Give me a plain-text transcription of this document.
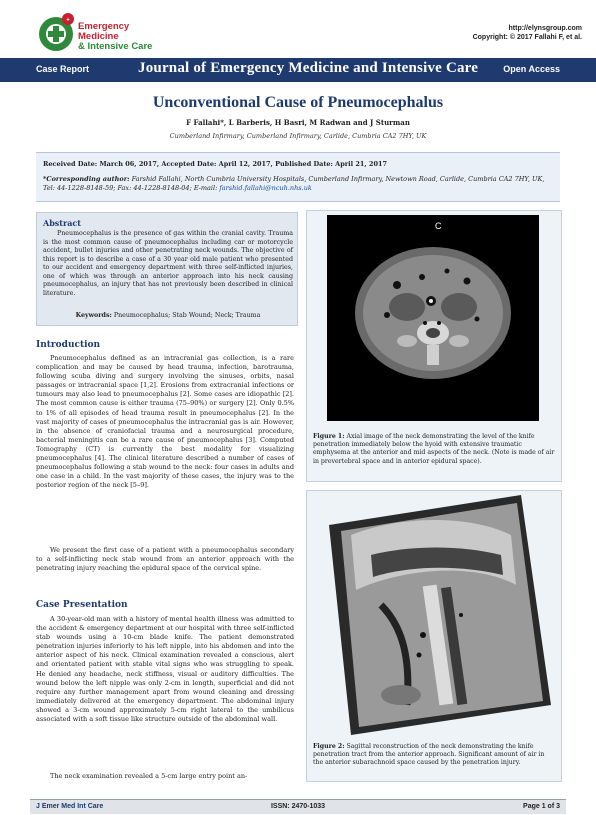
+
Emergency Medicine
& Intensive Care
http://elynsgroup.com
Copyright: © 2017 Fallahi F, et al.
Case Report	Journal of Emergency Medicine and Intensive Care	Open Access
Unconventional Cause of Pneumocephalus
F Fallahi*, L Barberis, H Basri, M Radwan and J Sturman
Cumberland Infirmary, Cumberland Infirmary, Carlide, Cumbria CA2 7HY, UK
Received Date: March 06, 2017, Accepted Date: April 12, 2017, Published Date: April 21, 2017
*Corresponding author: Farshid Fallahi, North Cumbria University Hospitals, Cumberland Infirmary, Newtown Road, Carlide, Cumbria CA2 7HY, UK, Tel: 44-1228-8148-59; Fax: 44-1228-8148-04; E-mail: farshid.fallahi@ncuh.nhs.uk
Abstract
Pneumocephalus is the presence of gas within the cranial cavity. Trauma is the most common cause of pneumocephalus including car or motorcycle accident, bullet injuries and other penetrating neck wounds. The objective of this report is to describe a case of a 30 year old male patient who presented to our accident and emergency department with three self-inflicted injuries, one of which was through an anterior approach into his neck causing pneumocephalus, an injury that has not previously been described in clinical literature.
Keywords: Pneumocephalus; Stab Wound; Neck; Trauma
Introduction
Pneumocephalus defined as an intracranial gas collection, is a rare complication and may be caused by head trauma, infection, barotrauma, following scuba diving and surgery involving the sinuses, orbits, nasal passages or intracranial space [1,2]. Erosions from extracranial infections or tumours may also lead to pneumocephalus [2]. Some cases are idiopathic [2]. The most common cause is either trauma (75–90%) or surgery [2]. Only 0.5% to 1% of all episodes of head trauma result in pneumocephalus [2]. In the vast majority of cases of pneumocephalus the intracranial gas is air. However, in the absence of craniofacial trauma and a neurosurgical procedure, bacterial meningitis can be a rare cause of pneumocephalus [3]. Computed Tomography (CT) is currently the best modality for visualizing pneumocephalus [4]. The clinical literature described a number of cases of pneumocephalus following a stab wound to the neck: four cases in adults and one case in a child. In the vast majority of these cases, the injury was to the posterior region of the neck [5–9].
We present the first case of a patient with a pneumocephalus secondary to a self-inflicting neck stab wound from an anterior approach with the penetrating injury reaching the epidural space of the cervical spine.
Case Presentation
A 30-year-old man with a history of mental health illness was admitted to the accident & emergency department at our hospital with three self-inflicted stab wounds using a 10-cm blade knife. The patient demonstrated penetration injuries inferiorly to his left nipple, into his abdomen and into the anterior aspect of his neck. Clinical examination revealed a conscious, alert and orientated patient with stable vital signs who was struggling to speak. He denied any headache, neck stiffness, visual or auditory difficulties. The wound below the left nipple was only 2-cm in length, superficial and did not require any further management apart from wound cleaning and dressing immediately delivered at the emergency department. The abdominal injury showed a 3-cm wound approximately 5-cm right lateral to the umbilicus associated with a soft tissue like structure outside of the abdominal wall.
The neck examination revealed a 5-cm large entry point an-
C
Figure 1: Axial image of the neck demonstrating the level of the knife penetration immediately below the hyoid with extensive traumatic emphysema at the anterior and mid aspects of the neck. (Note is made of air in prevertebral space and in anterior epidural space).
Figure 2: Sagittal reconstruction of the neck demonstrating the knife penetration tract from the anterior approach. Significant amount of air in the anterior subarachnoid space caused by the penetration injury.
J Emer Med Int Care	ISSN: 2470-1033	Page 1 of 3
